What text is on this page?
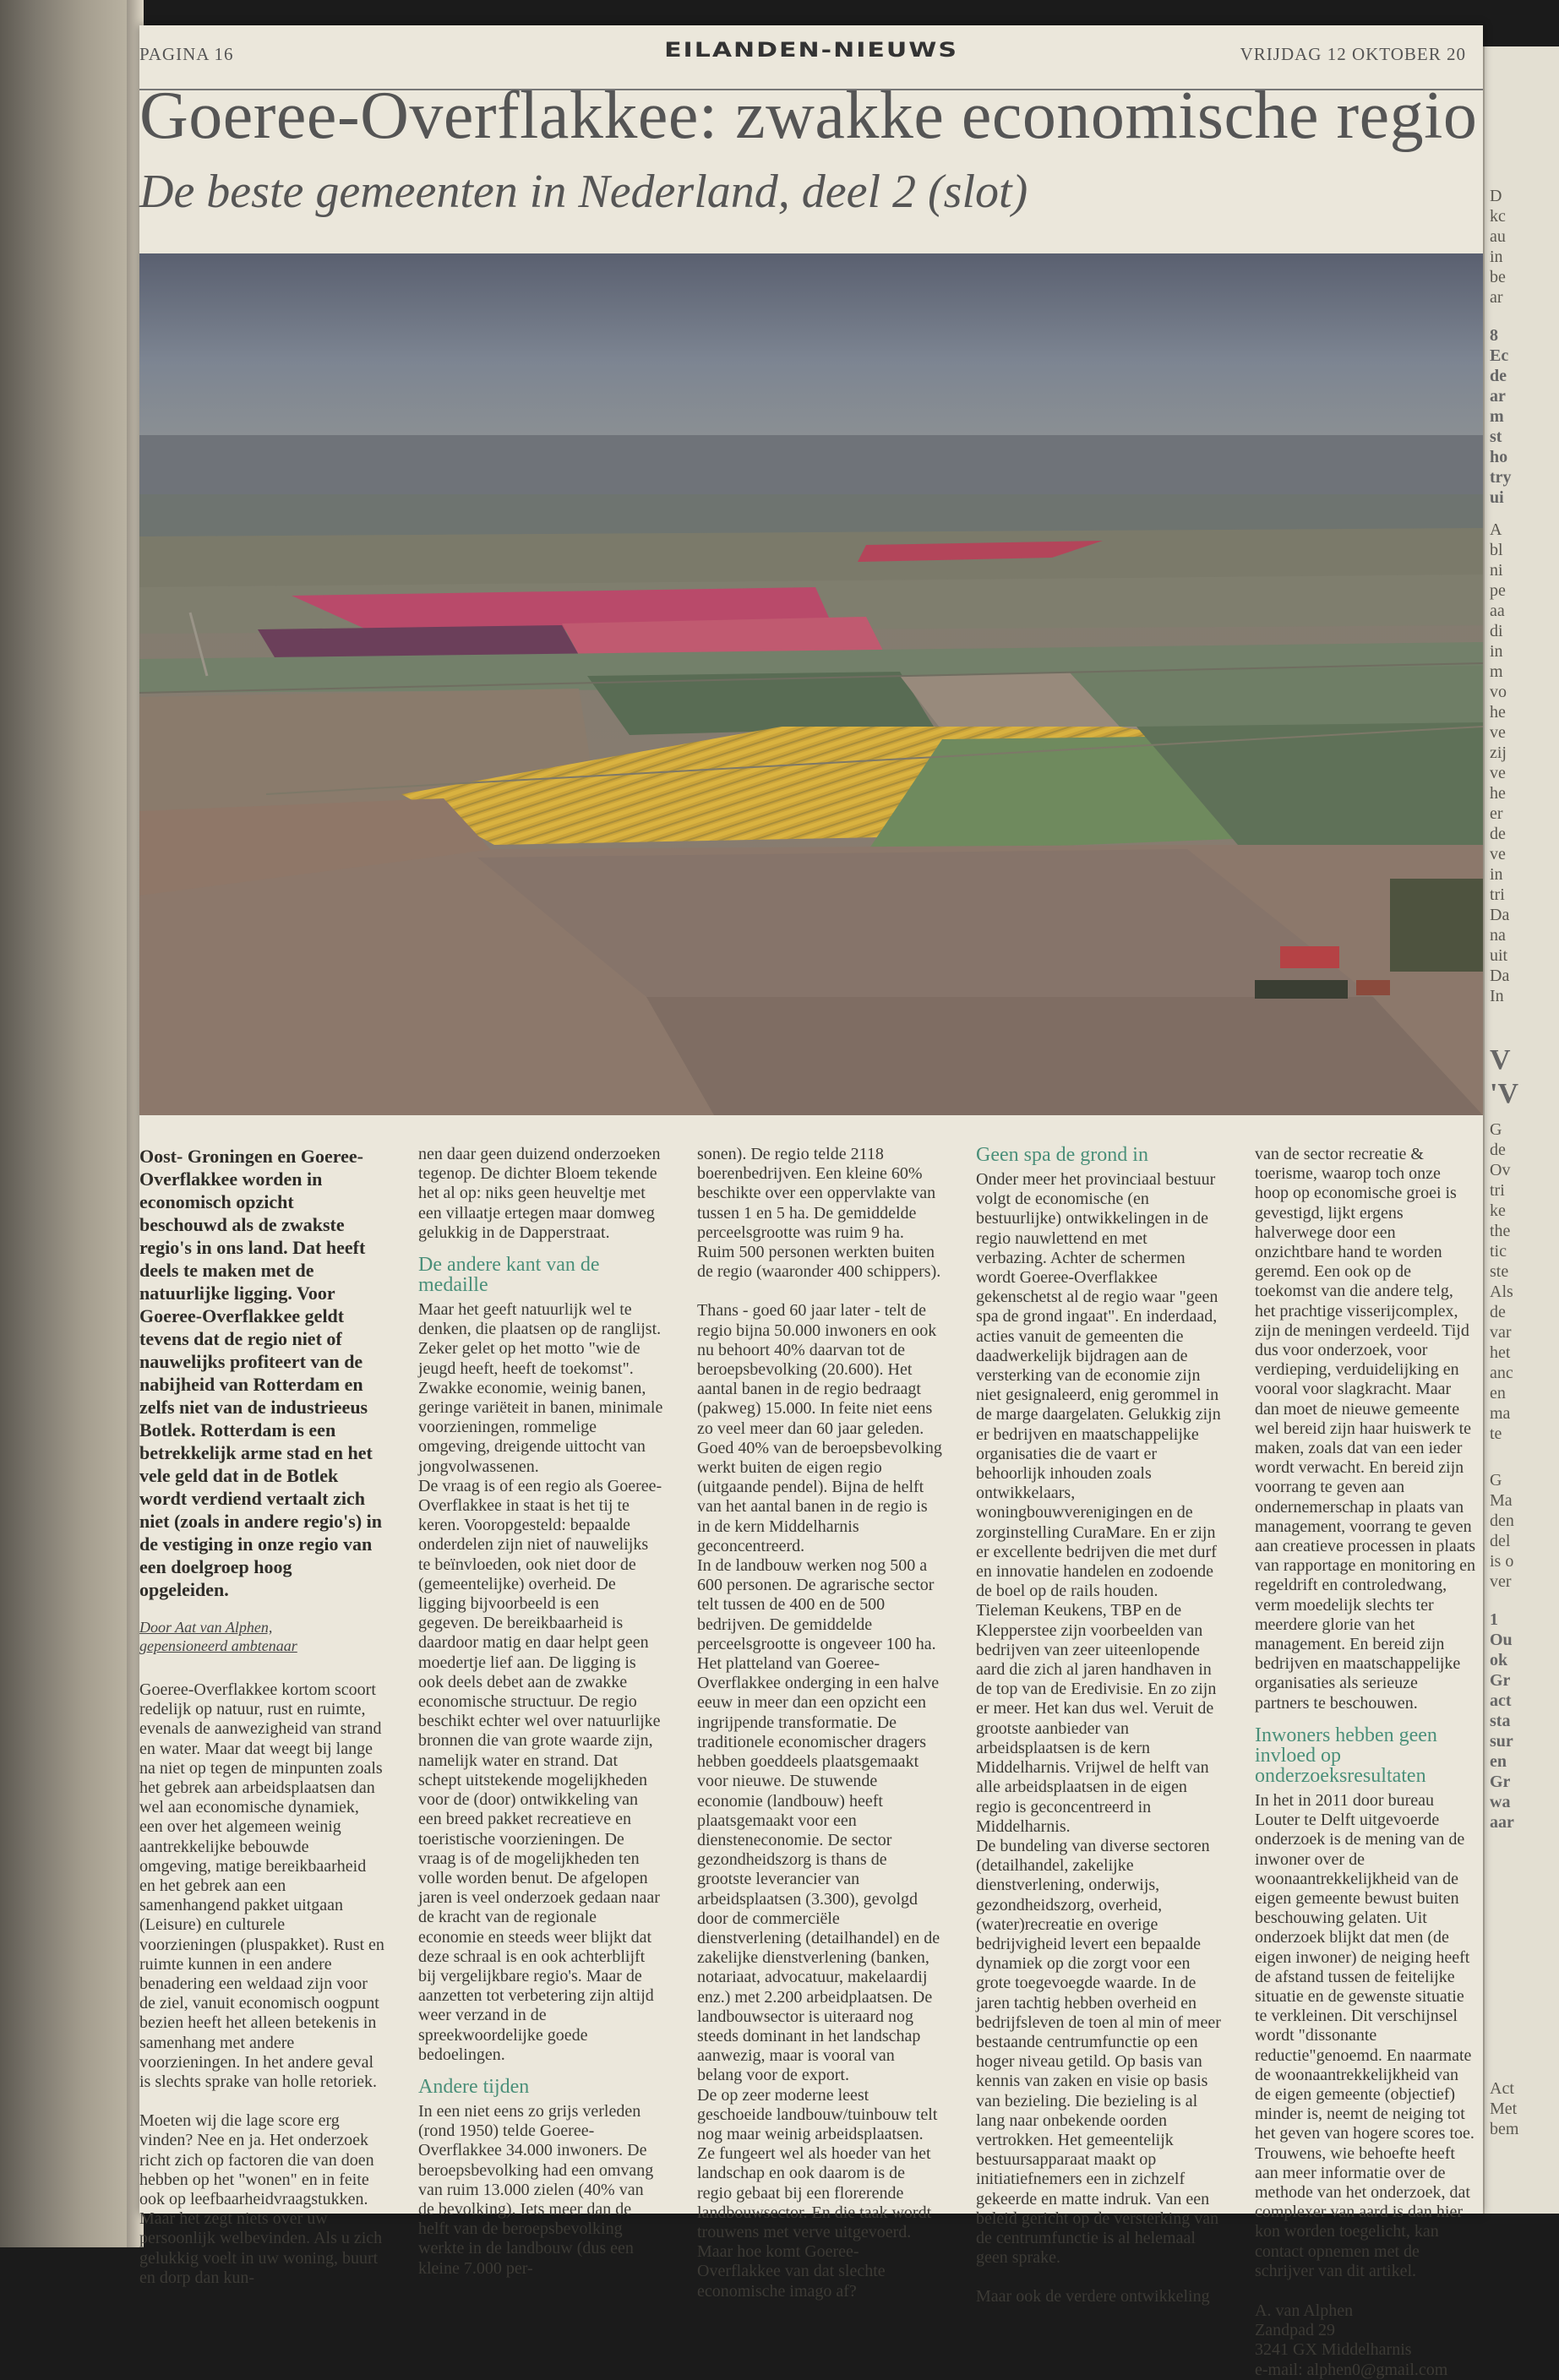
D
kc
au
in
be
ar
8
Ec
de
ar
m
st
ho
try
ui
A
bl
ni
pe
aa
di
in
m
vo
he
ve
zij
ve
he
er
de
ve
in
tri
Da
na
uit
Da
In
V
'V
G
de
Ov
tri
ke
the
tic
ste
Als
de
var
het
anc
en
ma
te
G
Ma
den
del
is o
ver
1
Ou
ok
Gr
act
sta
sur
en
Gr
wa
aar
Act
Met
bem
PAGINA 16	EILANDEN-NIEUWS	VRIJDAG 12 OKTOBER 20
Goeree-Overflakkee: zwakke economische regio
De beste gemeenten in Nederland, deel 2 (slot)

Oost- Groningen en Goeree-Overflakkee worden in economisch opzicht beschouwd als de zwakste regio's in ons land. Dat heeft deels te maken met de natuurlijke ligging. Voor Goeree-Overflakkee geldt tevens dat de regio niet of nauwelijks profiteert van de nabijheid van Rotterdam en zelfs niet van de industrieeus Botlek. Rotterdam is een betrekkelijk arme stad en het vele geld dat in de Botlek wordt verdiend vertaalt zich niet (zoals in andere regio's) in de vestiging in onze regio van een doelgroep hoog opgeleiden.

Door Aat van Alphen,
gepensioneerd ambtenaar

Goeree-Overflakkee kortom scoort redelijk op natuur, rust en ruimte, evenals de aanwezigheid van strand en water. Maar dat weegt bij lange na niet op tegen de minpunten zoals het gebrek aan arbeidsplaatsen dan wel aan economische dynamiek, een over het algemeen weinig aantrekkelijke bebouwde omgeving, matige bereikbaarheid en het gebrek aan een samenhangend pakket uitgaan (Leisure) en culturele voorzieningen (pluspakket). Rust en ruimte kunnen in een andere benadering een weldaad zijn voor de ziel, vanuit economisch oogpunt bezien heeft het alleen betekenis in samenhang met andere voorzieningen. In het andere geval is slechts sprake van holle retoriek.

Moeten wij die lage score erg vinden? Nee en ja. Het onderzoek richt zich op factoren die van doen hebben op het "wonen" en in feite ook op leefbaarheidvraagstukken. Maar het zegt niets over uw persoonlijk welbevinden. Als u zich gelukkig voelt in uw woning, buurt en dorp dan kun-

nen daar geen duizend onderzoeken tegenop. De dichter Bloem tekende het al op: niks geen heuveltje met een villaatje ertegen maar domweg gelukkig in de Dapperstraat.

De andere kant van de medaille

Maar het geeft natuurlijk wel te denken, die plaatsen op de ranglijst. Zeker gelet op het motto "wie de jeugd heeft, heeft de toekomst". Zwakke economie, weinig banen, geringe variëteit in banen, minimale voorzieningen, rommelige omgeving, dreigende uittocht van jongvolwassenen.

De vraag is of een regio als Goeree-Overflakkee in staat is het tij te keren. Vooropgesteld: bepaalde onderdelen zijn niet of nauwelijks te beïnvloeden, ook niet door de (gemeentelijke) overheid. De ligging bijvoorbeeld is een gegeven. De bereikbaarheid is daardoor matig en daar helpt geen moedertje lief aan. De ligging is ook deels debet aan de zwakke economische structuur. De regio beschikt echter wel over natuurlijke bronnen die van grote waarde zijn, namelijk water en strand. Dat schept uitstekende mogelijkheden voor de (door) ontwikkeling van een breed pakket recreatieve en toeristische voorzieningen. De vraag is of de mogelijkheden ten volle worden benut. De afgelopen jaren is veel onderzoek gedaan naar de kracht van de regionale economie en steeds weer blijkt dat deze schraal is en ook achterblijft bij vergelijkbare regio's. Maar de aanzetten tot verbetering zijn altijd weer verzand in de spreekwoordelijke goede bedoelingen.

Andere tijden

In een niet eens zo grijs verleden (rond 1950) telde Goeree-Overflakkee 34.000 inwoners. De beroepsbevolking had een omvang van ruim 13.000 zielen (40% van de bevolking). Iets meer dan de helft van de beroepsbevolking werkte in de landbouw (dus een kleine 7.000 per-

sonen). De regio telde 2118 boerenbedrijven. Een kleine 60% beschikte over een oppervlakte van tussen 1 en 5 ha. De gemiddelde perceelsgrootte was ruim 9 ha. Ruim 500 personen werkten buiten de regio (waaronder 400 schippers).

Thans - goed 60 jaar later - telt de regio bijna 50.000 inwoners en ook nu behoort 40% daarvan tot de beroepsbevolking (20.600). Het aantal banen in de regio bedraagt (pakweg) 15.000. In feite niet eens zo veel meer dan 60 jaar geleden. Goed 40% van de beroepsbevolking werkt buiten de eigen regio (uitgaande pendel). Bijna de helft van het aantal banen in de regio is in de kern Middelharnis geconcentreerd.

In de landbouw werken nog 500 a 600 personen. De agrarische sector telt tussen de 400 en de 500 bedrijven. De gemiddelde perceelsgrootte is ongeveer 100 ha. Het platteland van Goeree-Overflakkee onderging in een halve eeuw in meer dan een opzicht een ingrijpende transformatie. De traditionele economischer dragers hebben goeddeels plaatsgemaakt voor nieuwe. De stuwende economie (landbouw) heeft plaatsgemaakt voor een diensteneconomie. De sector gezondheidszorg is thans de grootste leverancier van arbeidsplaatsen (3.300), gevolgd door de commerciële dienstverlening (detailhandel) en de zakelijke dienstverlening (banken, notariaat, advocatuur, makelaardij enz.) met 2.200 arbeidplaatsen. De landbouwsector is uiteraard nog steeds dominant in het landschap aanwezig, maar is vooral van belang voor de export.

De op zeer moderne leest geschoeide landbouw/tuinbouw telt nog maar weinig arbeidsplaatsen. Ze fungeert wel als hoeder van het landschap en ook daarom is de regio gebaat bij een florerende landbouwsector. En die taak wordt trouwens met verve uitgevoerd. Maar hoe komt Goeree-Overflakkee van dat slechte economische imago af?

Geen spa de grond in

Onder meer het provinciaal bestuur volgt de economische (en bestuurlijke) ontwikkelingen in de regio nauwlettend en met verbazing. Achter de schermen wordt Goeree-Overflakkee gekenschetst al de regio waar "geen spa de grond ingaat". En inderdaad, acties vanuit de gemeenten die daadwerkelijk bijdragen aan de versterking van de economie zijn niet gesignaleerd, enig gerommel in de marge daargelaten. Gelukkig zijn er bedrijven en maatschappelijke organisaties die de vaart er behoorlijk inhouden zoals ontwikkelaars, woningbouwverenigingen en de zorginstelling CuraMare. En er zijn er excellente bedrijven die met durf en innovatie handelen en zodoende de boel op de rails houden. Tieleman Keukens, TBP en de Klepperstee zijn voorbeelden van bedrijven van zeer uiteenlopende aard die zich al jaren handhaven in de top van de Eredivisie. En zo zijn er meer. Het kan dus wel. Veruit de grootste aanbieder van arbeidsplaatsen is de kern Middelharnis. Vrijwel de helft van alle arbeidsplaatsen in de eigen regio is geconcentreerd in Middelharnis.

De bundeling van diverse sectoren (detailhandel, zakelijke dienstverlening, onderwijs, gezondheidszorg, overheid, (water)recreatie en overige bedrijvigheid levert een bepaalde dynamiek op die zorgt voor een grote toegevoegde waarde. In de jaren tachtig hebben overheid en bedrijfsleven de toen al min of meer bestaande centrumfunctie op een hoger niveau getild. Op basis van kennis van zaken en visie op basis van bezieling. Die bezieling is al lang naar onbekende oorden vertrokken. Het gemeentelijk bestuursapparaat maakt op initiatiefnemers een in zichzelf gekeerde en matte indruk. Van een beleid gericht op de versterking van de centrumfunctie is al helemaal geen sprake.

Maar ook de verdere ontwikkeling

van de sector recreatie & toerisme, waarop toch onze hoop op economische groei is gevestigd, lijkt ergens halverwege door een onzichtbare hand te worden geremd. Een ook op de toekomst van die andere telg, het prachtige visserijcomplex, zijn de meningen verdeeld. Tijd dus voor onderzoek, voor verdieping, verduidelijking en vooral voor slagkracht. Maar dan moet de nieuwe gemeente wel bereid zijn haar huiswerk te maken, zoals dat van een ieder wordt verwacht. En bereid zijn voorrang te geven aan ondernemerschap in plaats van management, voorrang te geven aan creatieve processen in plaats van rapportage en monitoring en regeldrift en controledwang, verm moedelijk slechts ter meerdere glorie van het management. En bereid zijn bedrijven en maatschappelijke organisaties als serieuze partners te beschouwen.

Inwoners hebben geen invloed op onderzoeksresultaten

In het in 2011 door bureau Louter te Delft uitgevoerde onderzoek is de mening van de inwoner over de woonaantrekkelijkheid van de eigen gemeente bewust buiten beschouwing gelaten. Uit onderzoek blijkt dat men (de eigen inwoner) de neiging heeft de afstand tussen de feitelijke situatie en de gewenste situatie te verkleinen. Dit verschijnsel wordt "dissonante reductie"genoemd. En naarmate de woonaantrekkelijkheid van de eigen gemeente (objectief) minder is, neemt de neiging tot het geven van hogere scores toe.

Trouwens, wie behoefte heeft aan meer informatie over de methode van het onderzoek, dat complexer van aard is dan hier kon worden toegelicht, kan contact opnemen met de schrijver van dit artikel.

A. van Alphen
Zandpad 29
3241 GX Middelharnis
e-mail: alphen0@gmail.com
